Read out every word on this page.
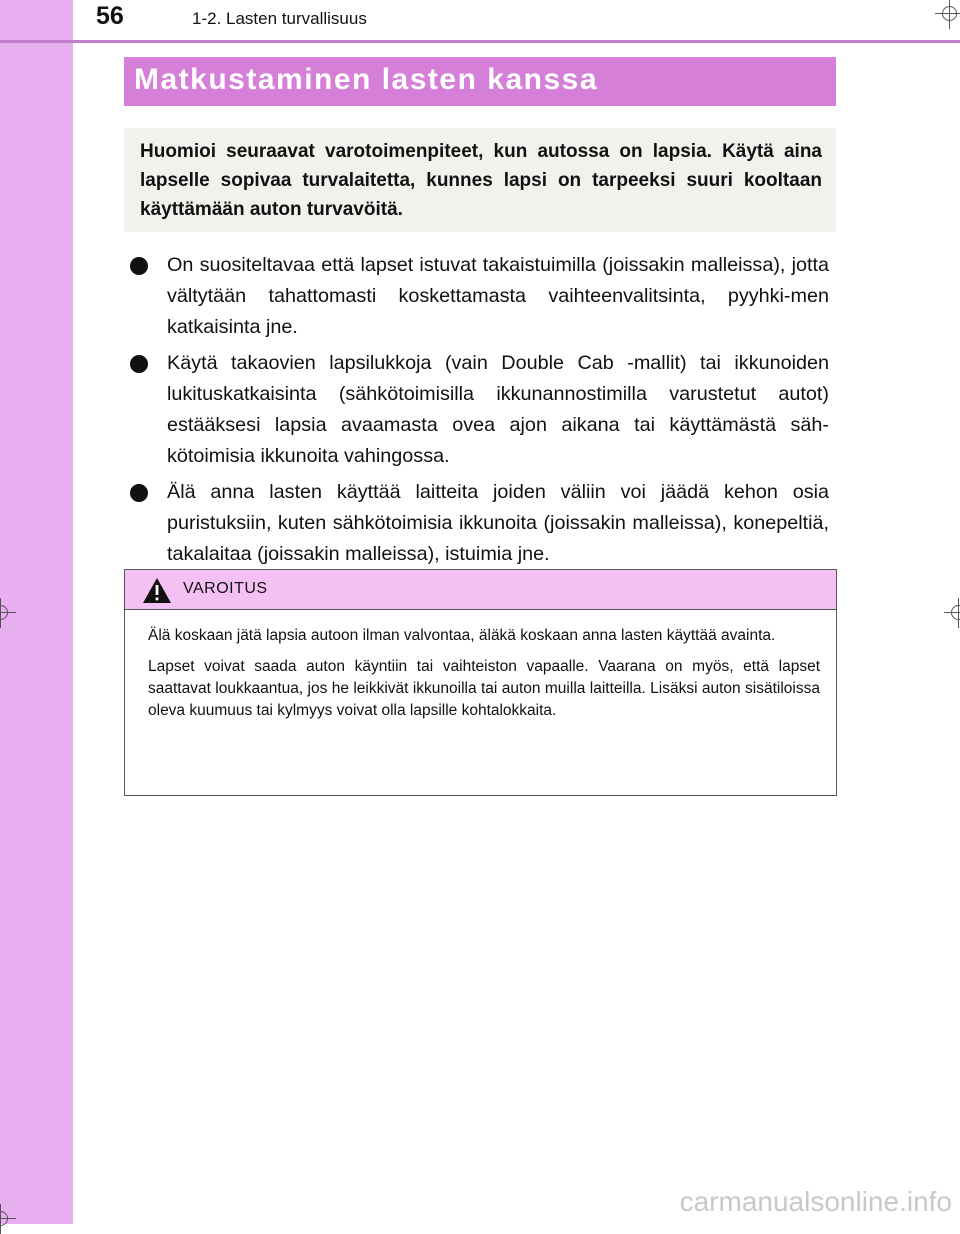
56	1-2. Lasten turvallisuus
Matkustaminen lasten kanssa
Huomioi seuraavat varotoimenpiteet, kun autossa on lapsia. Käytä aina lapselle sopivaa turvalaitetta, kunnes lapsi on tarpeeksi suuri kooltaan käyttämään auton turvavöitä.
On suositeltavaa että lapset istuvat takaistuimilla (joissakin malleissa), jotta vältytään tahattomasti koskettamasta vaihteenvalitsinta, pyyhki-men katkaisinta jne.
Käytä takaovien lapsilukkoja (vain Double Cab -mallit) tai ikkunoiden lukituskatkaisinta (sähkötoimisilla ikkunannostimilla varustetut autot) estääksesi lapsia avaamasta ovea ajon aikana tai käyttämästä säh-kötoimisia ikkunoita vahingossa.
Älä anna lasten käyttää laitteita joiden väliin voi jäädä kehon osia puristuksiin, kuten sähkötoimisia ikkunoita (joissakin malleissa), konepeltiä, takalaitaa (joissakin malleissa), istuimia jne.
VAROITUS

Älä koskaan jätä lapsia autoon ilman valvontaa, äläkä koskaan anna lasten käyttää avainta.

Lapset voivat saada auton käyntiin tai vaihteiston vapaalle. Vaarana on myös, että lapset saattavat loukkaantua, jos he leikkivät ikkunoilla tai auton muilla laitteilla. Lisäksi auton sisätiloissa oleva kuumuus tai kylmyys voivat olla lapsille kohtalokkaita.

carmanualsonline.info
